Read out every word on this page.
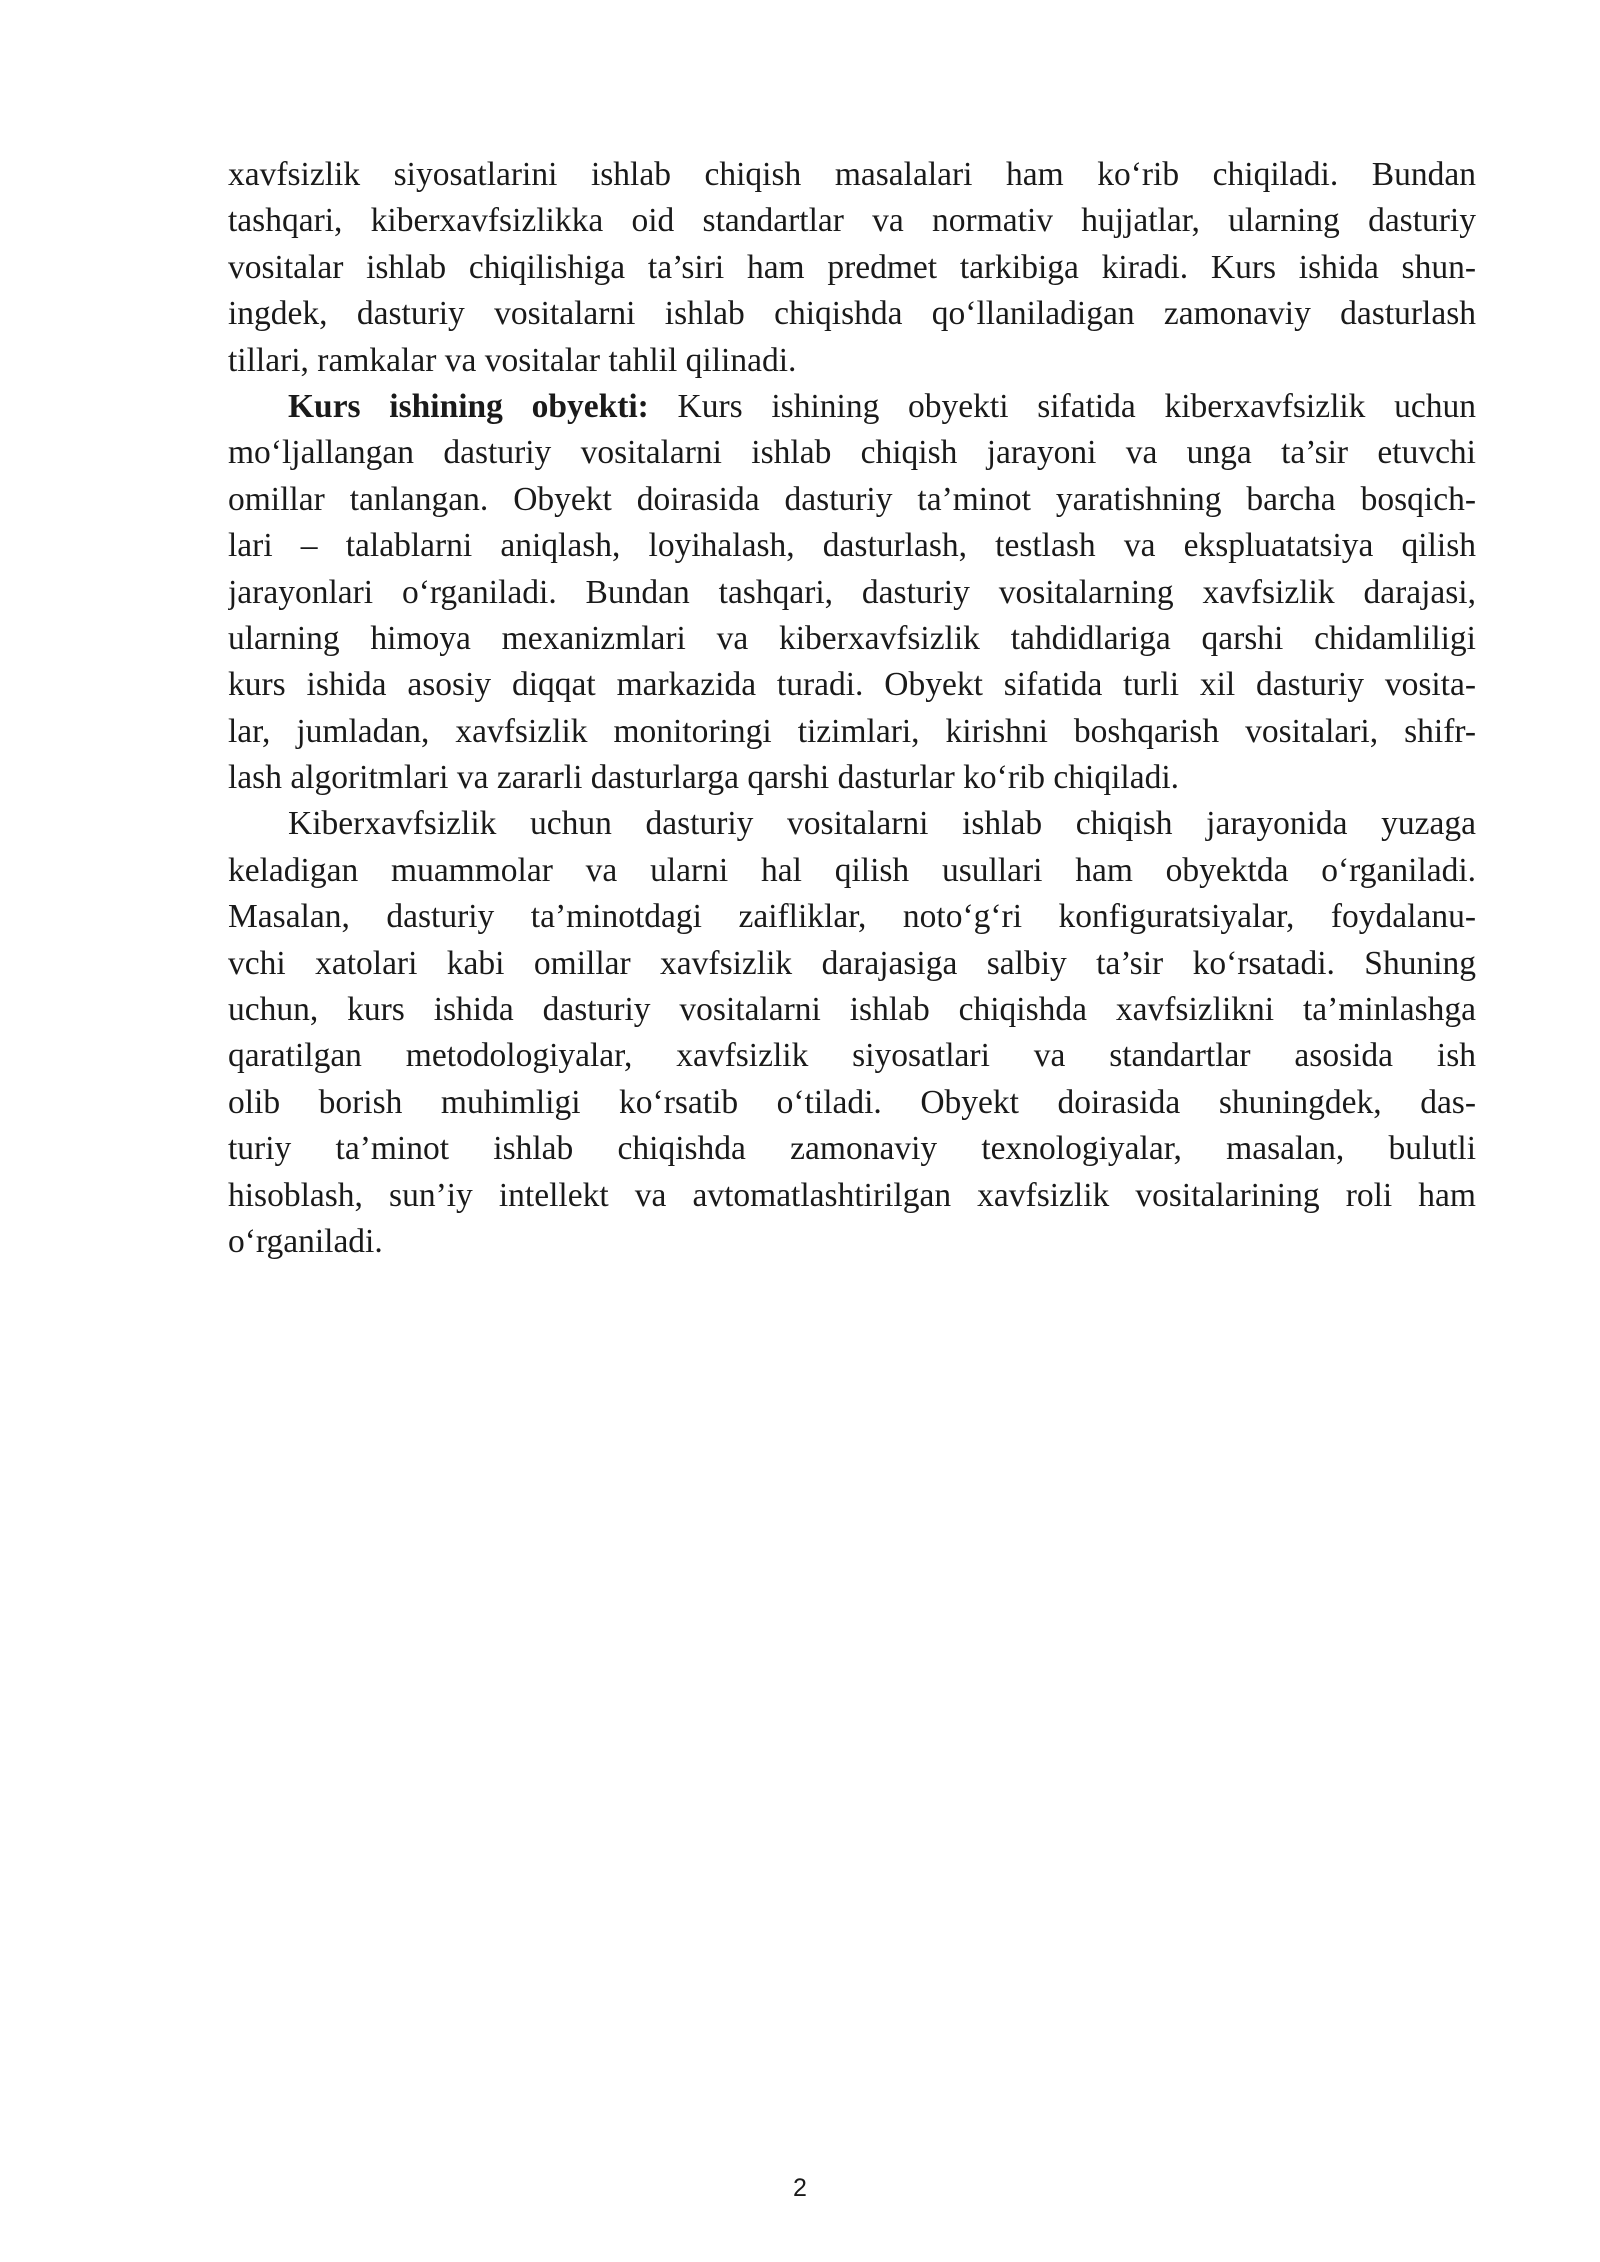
xavfsizlik siyosatlarini ishlab chiqish masalalari ham ko‘rib chiqiladi. Bundan
tashqari, kiberxavfsizlikka oid standartlar va normativ hujjatlar, ularning dasturiy
vositalar ishlab chiqilishiga ta’siri ham predmet tarkibiga kiradi. Kurs ishida shun-
ingdek, dasturiy vositalarni ishlab chiqishda qo‘llaniladigan zamonaviy dasturlash
tillari, ramkalar va vositalar tahlil qilinadi.
Kurs ishining obyekti: Kurs ishining obyekti sifatida kiberxavfsizlik uchun
mo‘ljallangan dasturiy vositalarni ishlab chiqish jarayoni va unga ta’sir etuvchi
omillar tanlangan. Obyekt doirasida dasturiy ta’minot yaratishning barcha bosqich-
lari – talablarni aniqlash, loyihalash, dasturlash, testlash va ekspluatatsiya qilish
jarayonlari o‘rganiladi. Bundan tashqari, dasturiy vositalarning xavfsizlik darajasi,
ularning himoya mexanizmlari va kiberxavfsizlik tahdidlariga qarshi chidamliligi
kurs ishida asosiy diqqat markazida turadi. Obyekt sifatida turli xil dasturiy vosita-
lar, jumladan, xavfsizlik monitoringi tizimlari, kirishni boshqarish vositalari, shifr-
lash algoritmlari va zararli dasturlarga qarshi dasturlar ko‘rib chiqiladi.
Kiberxavfsizlik uchun dasturiy vositalarni ishlab chiqish jarayonida yuzaga
keladigan muammolar va ularni hal qilish usullari ham obyektda o‘rganiladi.
Masalan, dasturiy ta’minotdagi zaifliklar, noto‘g‘ri konfiguratsiyalar, foydalanu-
vchi xatolari kabi omillar xavfsizlik darajasiga salbiy ta’sir ko‘rsatadi. Shuning
uchun, kurs ishida dasturiy vositalarni ishlab chiqishda xavfsizlikni ta’minlashga
qaratilgan metodologiyalar, xavfsizlik siyosatlari va standartlar asosida ish
olib borish muhimligi ko‘rsatib o‘tiladi. Obyekt doirasida shuningdek, das-
turiy ta’minot ishlab chiqishda zamonaviy texnologiyalar, masalan, bulutli
hisoblash, sun’iy intellekt va avtomatlashtirilgan xavfsizlik vositalarining roli ham
o‘rganiladi.
2
